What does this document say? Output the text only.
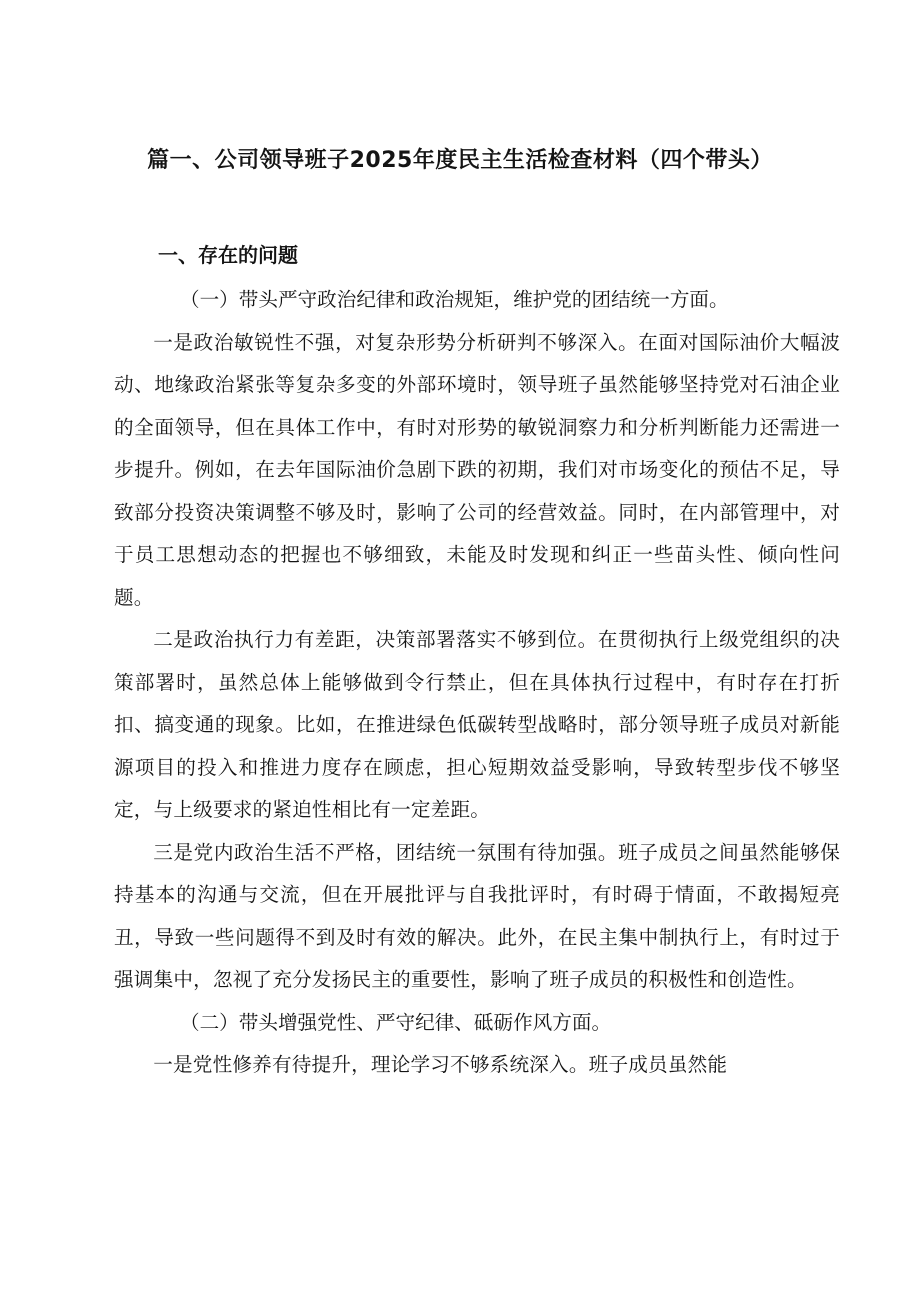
篇一、公司领导班子2025年度民主生活检查材料（四个带头）
一、存在的问题

（一）带头严守政治纪律和政治规矩，维护党的团结统一方面。

一是政治敏锐性不强，对复杂形势分析研判不够深入。在面对国际油价大幅波动、地缘政治紧张等复杂多变的外部环境时，领导班子虽然能够坚持党对石油企业的全面领导，但在具体工作中，有时对形势的敏锐洞察力和分析判断能力还需进一步提升。例如，在去年国际油价急剧下跌的初期，我们对市场变化的预估不足，导致部分投资决策调整不够及时，影响了公司的经营效益。同时，在内部管理中，对于员工思想动态的把握也不够细致，未能及时发现和纠正一些苗头性、倾向性问题。

二是政治执行力有差距，决策部署落实不够到位。在贯彻执行上级党组织的决策部署时，虽然总体上能够做到令行禁止，但在具体执行过程中，有时存在打折扣、搞变通的现象。比如，在推进绿色低碳转型战略时，部分领导班子成员对新能源项目的投入和推进力度存在顾虑，担心短期效益受影响，导致转型步伐不够坚定，与上级要求的紧迫性相比有一定差距。

三是党内政治生活不严格，团结统一氛围有待加强。班子成员之间虽然能够保持基本的沟通与交流，但在开展批评与自我批评时，有时碍于情面，不敢揭短亮丑，导致一些问题得不到及时有效的解决。此外，在民主集中制执行上，有时过于强调集中，忽视了充分发扬民主的重要性，影响了班子成员的积极性和创造性。

（二）带头增强党性、严守纪律、砥砺作风方面。

一是党性修养有待提升，理论学习不够系统深入。班子成员虽然能
